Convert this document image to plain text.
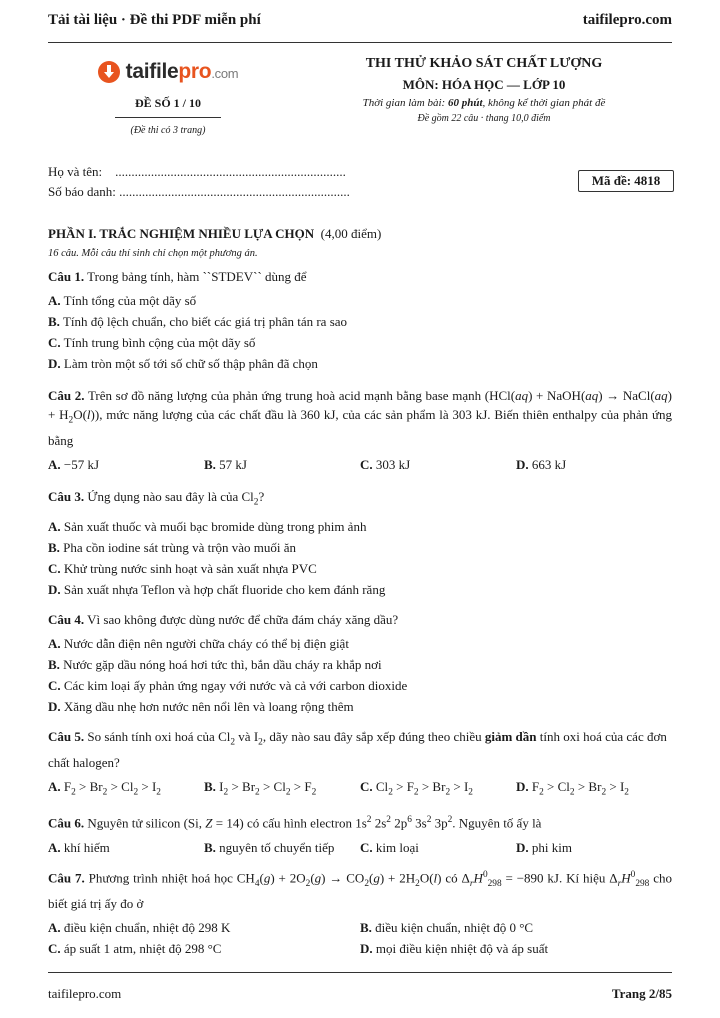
Tải tài liệu · Đề thi PDF miễn phí	taifilepro.com
taifilepro.com
ĐỀ SỐ 1 / 10
(Đề thi có 3 trang)
THI THỬ KHẢO SÁT CHẤT LƯỢNG
MÔN: HÓA HỌC — LỚP 10
Thời gian làm bài: 60 phút, không kể thời gian phát đề
Đề gồm 22 câu · thang 10,0 điểm
Họ và tên: .......................................................................
Số báo danh: .......................................................................
Mã đề: 4818
PHẦN I. TRẮC NGHIỆM NHIỀU LỰA CHỌN (4,00 điểm)
16 câu. Mỗi câu thí sinh chỉ chọn một phương án.
Câu 1. Trong bảng tính, hàm ``STDEV`` dùng để
A. Tính tổng của một dãy số
B. Tính độ lệch chuẩn, cho biết các giá trị phân tán ra sao
C. Tính trung bình cộng của một dãy số
D. Làm tròn một số tới số chữ số thập phân đã chọn
Câu 2. Trên sơ đồ năng lượng của phản ứng trung hoà acid mạnh bằng base mạnh (HCl(aq) + NaOH(aq) → NaCl(aq) + $H_2O(l)$), mức năng lượng của các chất đầu là 360 kJ, của các sản phẩm là 303 kJ. Biến thiên enthalpy của phản ứng bằng
A. −57 kJ	B. 57 kJ	C. 303 kJ	D. 663 kJ
Câu 3. Ứng dụng nào sau đây là của $Cl_2$?
A. Sản xuất thuốc và muối bạc bromide dùng trong phim ảnh
B. Pha cồn iodine sát trùng và trộn vào muối ăn
C. Khử trùng nước sinh hoạt và sản xuất nhựa PVC
D. Sản xuất nhựa Teflon và hợp chất fluoride cho kem đánh răng
Câu 4. Vì sao không được dùng nước để chữa đám cháy xăng dầu?
A. Nước dẫn điện nên người chữa cháy có thể bị điện giật
B. Nước gặp dầu nóng hoá hơi tức thì, bắn dầu cháy ra khắp nơi
C. Các kim loại ấy phản ứng ngay với nước và cả với carbon dioxide
D. Xăng dầu nhẹ hơn nước nên nổi lên và loang rộng thêm
Câu 5. So sánh tính oxi hoá của $Cl_2$ và $I_2$, dãy nào sau đây sắp xếp đúng theo chiều giảm dần tính oxi hoá của các đơn chất halogen?
A. $F_2 > Br_2 > Cl_2 > I_2$	B. $I_2 > Br_2 > Cl_2 > F_2$	C. $Cl_2 > F_2 > Br_2 > I_2$	D. $F_2 > Cl_2 > Br_2 > I_2$
Câu 6. Nguyên tử silicon (Si, Z = 14) có cấu hình electron $1s^2$ $2s^2$ $2p^6$ $3s^2$ $3p^2$. Nguyên tố ấy là
A. khí hiếm	B. nguyên tố chuyển tiếp	C. kim loại	D. phi kim
Câu 7. Phương trình nhiệt hoá học $CH_4(g) + 2O_2(g) \to CO_2(g) + 2H_2O(l)$ có $\Delta_rH^0_{298} = -890$ kJ. Kí hiệu $\Delta_rH^0_{298}$ cho biết giá trị ấy đo ở
A. điều kiện chuẩn, nhiệt độ 298 K	B. điều kiện chuẩn, nhiệt độ 0 °C
C. áp suất 1 atm, nhiệt độ 298 °C	D. mọi điều kiện nhiệt độ và áp suất
taifilepro.com	Trang 2/85
